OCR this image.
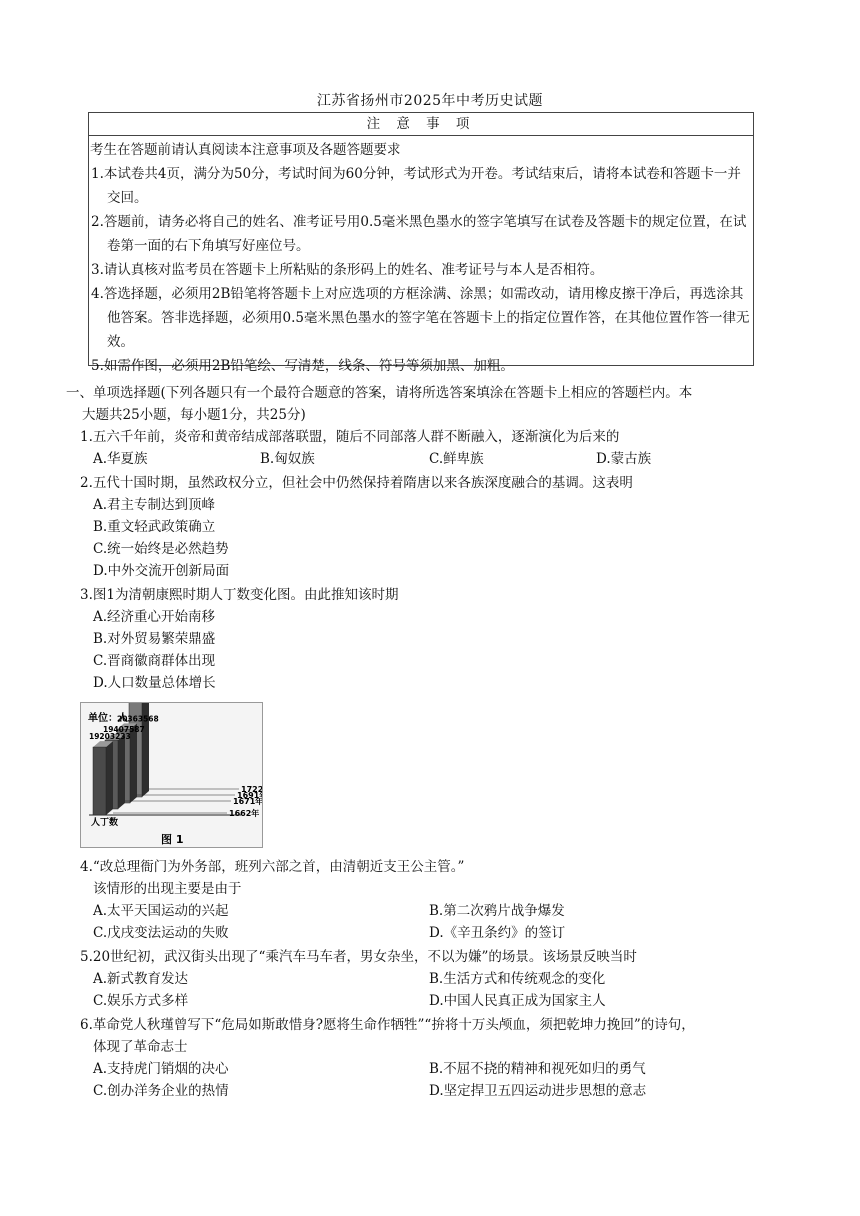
江苏省扬州市2025年中考历史试题
注 意 事 项
考生在答题前请认真阅读本注意事项及各题答题要求
1.本试卷共4页，满分为50分，考试时间为60分钟，考试形式为开卷。考试结束后，请将本试卷和答题卡一并交回。
2.答题前，请务必将自己的姓名、准考证号用0.5毫米黑色墨水的签字笔填写在试卷及答题卡的规定位置，在试卷第一面的右下角填写好座位号。
3.请认真核对监考员在答题卡上所粘贴的条形码上的姓名、准考证号与本人是否相符。
4.答选择题，必须用2B铅笔将答题卡上对应选项的方框涂满、涂黑；如需改动，请用橡皮擦干净后，再选涂其他答案。答非选择题，必须用0.5毫米黑色墨水的签字笔在答题卡上的指定位置作答，在其他位置作答一律无效。
5.如需作图，必须用2B铅笔绘、写清楚，线条、符号等须加黑、加粗。
一、单项选择题(下列各题只有一个最符合题意的答案，请将所选答案填涂在答题卡上相应的答题栏内。本
大题共25小题，每小题1分，共25分)
1.五六千年前，炎帝和黄帝结成部落联盟，随后不同部落人群不断融入，逐渐演化为后来的
A.华夏族	B.匈奴族	C.鲜卑族	D.蒙古族
2.五代十国时期，虽然政权分立，但社会中仍然保持着隋唐以来各族深度融合的基调。这表明
A.君主专制达到顶峰
B.重文轻武政策确立
C.统一始终是必然趋势
D.中外交流开创新局面
3.图1为清朝康熙时期人丁数变化图。由此推知该时期
A.经济重心开始南移
B.对外贸易繁荣鼎盛
C.晋商徽商群体出现
D.人口数量总体增长
单位：人
人丁数
1722
20363568
1691
19407587
1671年
19203233
1662年
图 1
4.“改总理衙门为外务部，班列六部之首，由清朝近支王公主管。”
该情形的出现主要是由于
A.太平天国运动的兴起	B.第二次鸦片战争爆发
C.戊戌变法运动的失败	D.《辛丑条约》的签订
5.20世纪初，武汉街头出现了“乘汽车马车者，男女杂坐，不以为嫌”的场景。该场景反映当时
A.新式教育发达	B.生活方式和传统观念的变化
C.娱乐方式多样	D.中国人民真正成为国家主人
6.革命党人秋瑾曾写下“危局如斯敢惜身?愿将生命作牺牲”“拚将十万头颅血，须把乾坤力挽回”的诗句，
体现了革命志士
A.支持虎门销烟的决心	B.不屈不挠的精神和视死如归的勇气
C.创办洋务企业的热情	D.坚定捍卫五四运动进步思想的意志
